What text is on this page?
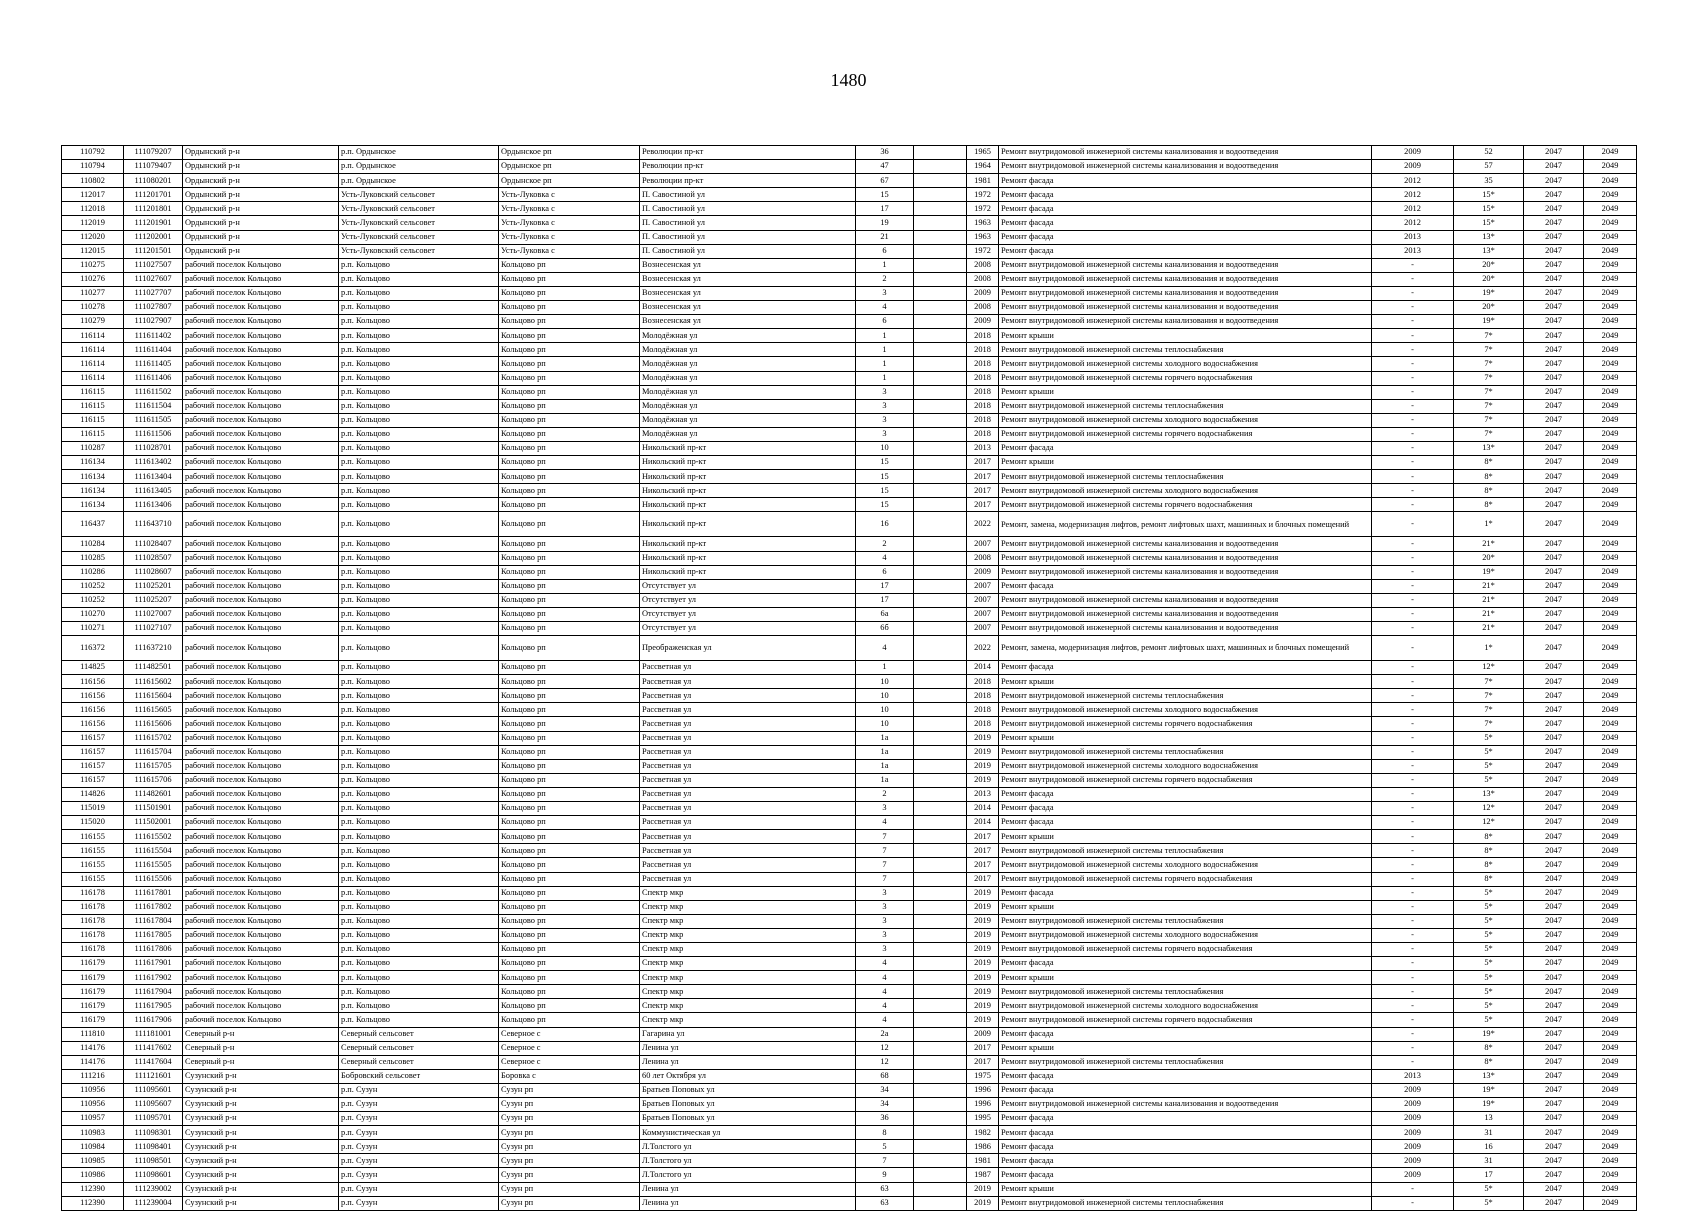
1480
110792	111079207	Ордынский р-н	р.п. Ордынское	Ордынское рп	Революции пр-кт	36		1965	Ремонт внутридомовой инженерной системы канализования и водоотведения	2009	52	2047	2049
110794	111079407	Ордынский р-н	р.п. Ордынское	Ордынское рп	Революции пр-кт	47		1964	Ремонт внутридомовой инженерной системы канализования и водоотведения	2009	57	2047	2049
110802	111080201	Ордынский р-н	р.п. Ордынское	Ордынское рп	Революции пр-кт	67		1981	Ремонт фасада	2012	35	2047	2049
112017	111201701	Ордынский р-н	Усть-Луковский сельсовет	Усть-Луковка с	П. Савостиной ул	15		1972	Ремонт фасада	2012	15*	2047	2049
112018	111201801	Ордынский р-н	Усть-Луковский сельсовет	Усть-Луковка с	П. Савостиной ул	17		1972	Ремонт фасада	2012	15*	2047	2049
112019	111201901	Ордынский р-н	Усть-Луковский сельсовет	Усть-Луковка с	П. Савостиной ул	19		1963	Ремонт фасада	2012	15*	2047	2049
112020	111202001	Ордынский р-н	Усть-Луковский сельсовет	Усть-Луковка с	П. Савостиной ул	21		1963	Ремонт фасада	2013	13*	2047	2049
112015	111201501	Ордынский р-н	Усть-Луковский сельсовет	Усть-Луковка с	П. Савостиной ул	6		1972	Ремонт фасада	2013	13*	2047	2049
110275	111027507	рабочий поселок Кольцово	р.п. Кольцово	Кольцово рп	Вознесенская ул	1		2008	Ремонт внутридомовой инженерной системы канализования и водоотведения	-	20*	2047	2049
110276	111027607	рабочий поселок Кольцово	р.п. Кольцово	Кольцово рп	Вознесенская ул	2		2008	Ремонт внутридомовой инженерной системы канализования и водоотведения	-	20*	2047	2049
110277	111027707	рабочий поселок Кольцово	р.п. Кольцово	Кольцово рп	Вознесенская ул	3		2009	Ремонт внутридомовой инженерной системы канализования и водоотведения	-	19*	2047	2049
110278	111027807	рабочий поселок Кольцово	р.п. Кольцово	Кольцово рп	Вознесенская ул	4		2008	Ремонт внутридомовой инженерной системы канализования и водоотведения	-	20*	2047	2049
110279	111027907	рабочий поселок Кольцово	р.п. Кольцово	Кольцово рп	Вознесенская ул	6		2009	Ремонт внутридомовой инженерной системы канализования и водоотведения	-	19*	2047	2049
116114	111611402	рабочий поселок Кольцово	р.п. Кольцово	Кольцово рп	Молодёжная ул	1		2018	Ремонт крыши	-	7*	2047	2049
116114	111611404	рабочий поселок Кольцово	р.п. Кольцово	Кольцово рп	Молодёжная ул	1		2018	Ремонт внутридомовой инженерной системы теплоснабжения	-	7*	2047	2049
116114	111611405	рабочий поселок Кольцово	р.п. Кольцово	Кольцово рп	Молодёжная ул	1		2018	Ремонт внутридомовой инженерной системы холодного водоснабжения	-	7*	2047	2049
116114	111611406	рабочий поселок Кольцово	р.п. Кольцово	Кольцово рп	Молодёжная ул	1		2018	Ремонт внутридомовой инженерной системы горячего водоснабжения	-	7*	2047	2049
116115	111611502	рабочий поселок Кольцово	р.п. Кольцово	Кольцово рп	Молодёжная ул	3		2018	Ремонт крыши	-	7*	2047	2049
116115	111611504	рабочий поселок Кольцово	р.п. Кольцово	Кольцово рп	Молодёжная ул	3		2018	Ремонт внутридомовой инженерной системы теплоснабжения	-	7*	2047	2049
116115	111611505	рабочий поселок Кольцово	р.п. Кольцово	Кольцово рп	Молодёжная ул	3		2018	Ремонт внутридомовой инженерной системы холодного водоснабжения	-	7*	2047	2049
116115	111611506	рабочий поселок Кольцово	р.п. Кольцово	Кольцово рп	Молодёжная ул	3		2018	Ремонт внутридомовой инженерной системы горячего водоснабжения	-	7*	2047	2049
110287	111028701	рабочий поселок Кольцово	р.п. Кольцово	Кольцово рп	Никольский пр-кт	10		2013	Ремонт фасада	-	13*	2047	2049
116134	111613402	рабочий поселок Кольцово	р.п. Кольцово	Кольцово рп	Никольский пр-кт	15		2017	Ремонт крыши	-	8*	2047	2049
116134	111613404	рабочий поселок Кольцово	р.п. Кольцово	Кольцово рп	Никольский пр-кт	15		2017	Ремонт внутридомовой инженерной системы теплоснабжения	-	8*	2047	2049
116134	111613405	рабочий поселок Кольцово	р.п. Кольцово	Кольцово рп	Никольский пр-кт	15		2017	Ремонт внутридомовой инженерной системы холодного водоснабжения	-	8*	2047	2049
116134	111613406	рабочий поселок Кольцово	р.п. Кольцово	Кольцово рп	Никольский пр-кт	15		2017	Ремонт внутридомовой инженерной системы горячего водоснабжения	-	8*	2047	2049
116437	111643710	рабочий поселок Кольцово	р.п. Кольцово	Кольцово рп	Никольский пр-кт	16		2022	Ремонт, замена, модернизация лифтов, ремонт лифтовых шахт, машинных и блочных помещений	-	1*	2047	2049
110284	111028407	рабочий поселок Кольцово	р.п. Кольцово	Кольцово рп	Никольский пр-кт	2		2007	Ремонт внутридомовой инженерной системы канализования и водоотведения	-	21*	2047	2049
110285	111028507	рабочий поселок Кольцово	р.п. Кольцово	Кольцово рп	Никольский пр-кт	4		2008	Ремонт внутридомовой инженерной системы канализования и водоотведения	-	20*	2047	2049
110286	111028607	рабочий поселок Кольцово	р.п. Кольцово	Кольцово рп	Никольский пр-кт	6		2009	Ремонт внутридомовой инженерной системы канализования и водоотведения	-	19*	2047	2049
110252	111025201	рабочий поселок Кольцово	р.п. Кольцово	Кольцово рп	Отсутствует ул	17		2007	Ремонт фасада	-	21*	2047	2049
110252	111025207	рабочий поселок Кольцово	р.п. Кольцово	Кольцово рп	Отсутствует ул	17		2007	Ремонт внутридомовой инженерной системы канализования и водоотведения	-	21*	2047	2049
110270	111027007	рабочий поселок Кольцово	р.п. Кольцово	Кольцово рп	Отсутствует ул	6а		2007	Ремонт внутридомовой инженерной системы канализования и водоотведения	-	21*	2047	2049
110271	111027107	рабочий поселок Кольцово	р.п. Кольцово	Кольцово рп	Отсутствует ул	6б		2007	Ремонт внутридомовой инженерной системы канализования и водоотведения	-	21*	2047	2049
116372	111637210	рабочий поселок Кольцово	р.п. Кольцово	Кольцово рп	Преображенская ул	4		2022	Ремонт, замена, модернизация лифтов, ремонт лифтовых шахт, машинных и блочных помещений	-	1*	2047	2049
114825	111482501	рабочий поселок Кольцово	р.п. Кольцово	Кольцово рп	Рассветная ул	1		2014	Ремонт фасада	-	12*	2047	2049
116156	111615602	рабочий поселок Кольцово	р.п. Кольцово	Кольцово рп	Рассветная ул	10		2018	Ремонт крыши	-	7*	2047	2049
116156	111615604	рабочий поселок Кольцово	р.п. Кольцово	Кольцово рп	Рассветная ул	10		2018	Ремонт внутридомовой инженерной системы теплоснабжения	-	7*	2047	2049
116156	111615605	рабочий поселок Кольцово	р.п. Кольцово	Кольцово рп	Рассветная ул	10		2018	Ремонт внутридомовой инженерной системы холодного водоснабжения	-	7*	2047	2049
116156	111615606	рабочий поселок Кольцово	р.п. Кольцово	Кольцово рп	Рассветная ул	10		2018	Ремонт внутридомовой инженерной системы горячего водоснабжения	-	7*	2047	2049
116157	111615702	рабочий поселок Кольцово	р.п. Кольцово	Кольцово рп	Рассветная ул	1а		2019	Ремонт крыши	-	5*	2047	2049
116157	111615704	рабочий поселок Кольцово	р.п. Кольцово	Кольцово рп	Рассветная ул	1а		2019	Ремонт внутридомовой инженерной системы теплоснабжения	-	5*	2047	2049
116157	111615705	рабочий поселок Кольцово	р.п. Кольцово	Кольцово рп	Рассветная ул	1а		2019	Ремонт внутридомовой инженерной системы холодного водоснабжения	-	5*	2047	2049
116157	111615706	рабочий поселок Кольцово	р.п. Кольцово	Кольцово рп	Рассветная ул	1а		2019	Ремонт внутридомовой инженерной системы горячего водоснабжения	-	5*	2047	2049
114826	111482601	рабочий поселок Кольцово	р.п. Кольцово	Кольцово рп	Рассветная ул	2		2013	Ремонт фасада	-	13*	2047	2049
115019	111501901	рабочий поселок Кольцово	р.п. Кольцово	Кольцово рп	Рассветная ул	3		2014	Ремонт фасада	-	12*	2047	2049
115020	111502001	рабочий поселок Кольцово	р.п. Кольцово	Кольцово рп	Рассветная ул	4		2014	Ремонт фасада	-	12*	2047	2049
116155	111615502	рабочий поселок Кольцово	р.п. Кольцово	Кольцово рп	Рассветная ул	7		2017	Ремонт крыши	-	8*	2047	2049
116155	111615504	рабочий поселок Кольцово	р.п. Кольцово	Кольцово рп	Рассветная ул	7		2017	Ремонт внутридомовой инженерной системы теплоснабжения	-	8*	2047	2049
116155	111615505	рабочий поселок Кольцово	р.п. Кольцово	Кольцово рп	Рассветная ул	7		2017	Ремонт внутридомовой инженерной системы холодного водоснабжения	-	8*	2047	2049
116155	111615506	рабочий поселок Кольцово	р.п. Кольцово	Кольцово рп	Рассветная ул	7		2017	Ремонт внутридомовой инженерной системы горячего водоснабжения	-	8*	2047	2049
116178	111617801	рабочий поселок Кольцово	р.п. Кольцово	Кольцово рп	Спектр мкр	3		2019	Ремонт фасада	-	5*	2047	2049
116178	111617802	рабочий поселок Кольцово	р.п. Кольцово	Кольцово рп	Спектр мкр	3		2019	Ремонт крыши	-	5*	2047	2049
116178	111617804	рабочий поселок Кольцово	р.п. Кольцово	Кольцово рп	Спектр мкр	3		2019	Ремонт внутридомовой инженерной системы теплоснабжения	-	5*	2047	2049
116178	111617805	рабочий поселок Кольцово	р.п. Кольцово	Кольцово рп	Спектр мкр	3		2019	Ремонт внутридомовой инженерной системы холодного водоснабжения	-	5*	2047	2049
116178	111617806	рабочий поселок Кольцово	р.п. Кольцово	Кольцово рп	Спектр мкр	3		2019	Ремонт внутридомовой инженерной системы горячего водоснабжения	-	5*	2047	2049
116179	111617901	рабочий поселок Кольцово	р.п. Кольцово	Кольцово рп	Спектр мкр	4		2019	Ремонт фасада	-	5*	2047	2049
116179	111617902	рабочий поселок Кольцово	р.п. Кольцово	Кольцово рп	Спектр мкр	4		2019	Ремонт крыши	-	5*	2047	2049
116179	111617904	рабочий поселок Кольцово	р.п. Кольцово	Кольцово рп	Спектр мкр	4		2019	Ремонт внутридомовой инженерной системы теплоснабжения	-	5*	2047	2049
116179	111617905	рабочий поселок Кольцово	р.п. Кольцово	Кольцово рп	Спектр мкр	4		2019	Ремонт внутридомовой инженерной системы холодного водоснабжения	-	5*	2047	2049
116179	111617906	рабочий поселок Кольцово	р.п. Кольцово	Кольцово рп	Спектр мкр	4		2019	Ремонт внутридомовой инженерной системы горячего водоснабжения	-	5*	2047	2049
111810	111181001	Северный р-н	Северный сельсовет	Северное с	Гагарина ул	2а		2009	Ремонт фасада	-	19*	2047	2049
114176	111417602	Северный р-н	Северный сельсовет	Северное с	Ленина ул	12		2017	Ремонт крыши	-	8*	2047	2049
114176	111417604	Северный р-н	Северный сельсовет	Северное с	Ленина ул	12		2017	Ремонт внутридомовой инженерной системы теплоснабжения	-	8*	2047	2049
111216	111121601	Сузунский р-н	Бобровский сельсовет	Боровка с	60 лет Октября ул	68		1975	Ремонт фасада	2013	13*	2047	2049
110956	111095601	Сузунский р-н	р.п. Сузун	Сузун рп	Братьев Поповых ул	34		1996	Ремонт фасада	2009	19*	2047	2049
110956	111095607	Сузунский р-н	р.п. Сузун	Сузун рп	Братьев Поповых ул	34		1996	Ремонт внутридомовой инженерной системы канализования и водоотведения	2009	19*	2047	2049
110957	111095701	Сузунский р-н	р.п. Сузун	Сузун рп	Братьев Поповых ул	36		1995	Ремонт фасада	2009	13	2047	2049
110983	111098301	Сузунский р-н	р.п. Сузун	Сузун рп	Коммунистическая ул	8		1982	Ремонт фасада	2009	31	2047	2049
110984	111098401	Сузунский р-н	р.п. Сузун	Сузун рп	Л.Толстого ул	5		1986	Ремонт фасада	2009	16	2047	2049
110985	111098501	Сузунский р-н	р.п. Сузун	Сузун рп	Л.Толстого ул	7		1981	Ремонт фасада	2009	31	2047	2049
110986	111098601	Сузунский р-н	р.п. Сузун	Сузун рп	Л.Толстого ул	9		1987	Ремонт фасада	2009	17	2047	2049
112390	111239002	Сузунский р-н	р.п. Сузун	Сузун рп	Ленина ул	63		2019	Ремонт крыши	-	5*	2047	2049
112390	111239004	Сузунский р-н	р.п. Сузун	Сузун рп	Ленина ул	63		2019	Ремонт внутридомовой инженерной системы теплоснабжения	-	5*	2047	2049
